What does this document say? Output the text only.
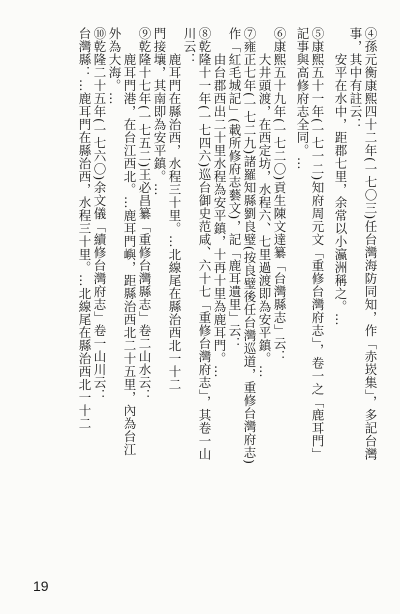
④孫元衡康熙四十二年(一七〇三)任台灣海防同知，作「赤崁集」，多記台灣
事，其中有註云：
安平在水中，距郡七里，余常以小瀛洲稱之。…
⑤康熙五十一年(一七一二)知府周元文「重修台灣府志」，卷一之「鹿耳門」
記事與高修府志全同。…
⑥康熙五十九年(一七二〇)貢生陳文達纂「台灣縣志」云：
大井頭渡，在西定坊，水程六、七里過渡即為安平鎮。…
⑦雍正七年(一七二九)諸羅知縣劉良璧(按良璧後任台灣巡道，重修台灣府志)
作「紅毛城記」(載所修府志藝文)，記「鹿耳遺里」云：
由台郡西出二十里水程為安平鎮，十再十里為鹿耳門。…
⑧乾隆十一年(一七四六)巡台御史范咸、六十七「重修台灣府志」，其卷一山
川云：
鹿耳門在縣治西，水程三十里。…北線尾在縣治西北一十二
門接壤，其南即為安平鎮。…
⑨乾隆十七年(一七五二)王必昌纂「重修台灣縣志」卷二山水云：
鹿耳門港，在台江西北。…鹿耳門嶼，距縣治西北二十五里，內為台江
外為大海。…
⑩乾隆二十五年(一七六〇)余文儀「續修台灣府志」卷一山川云：
台灣縣：…鹿耳門在縣治西，水程三十里。…北線尾在縣治西北一十二
19
